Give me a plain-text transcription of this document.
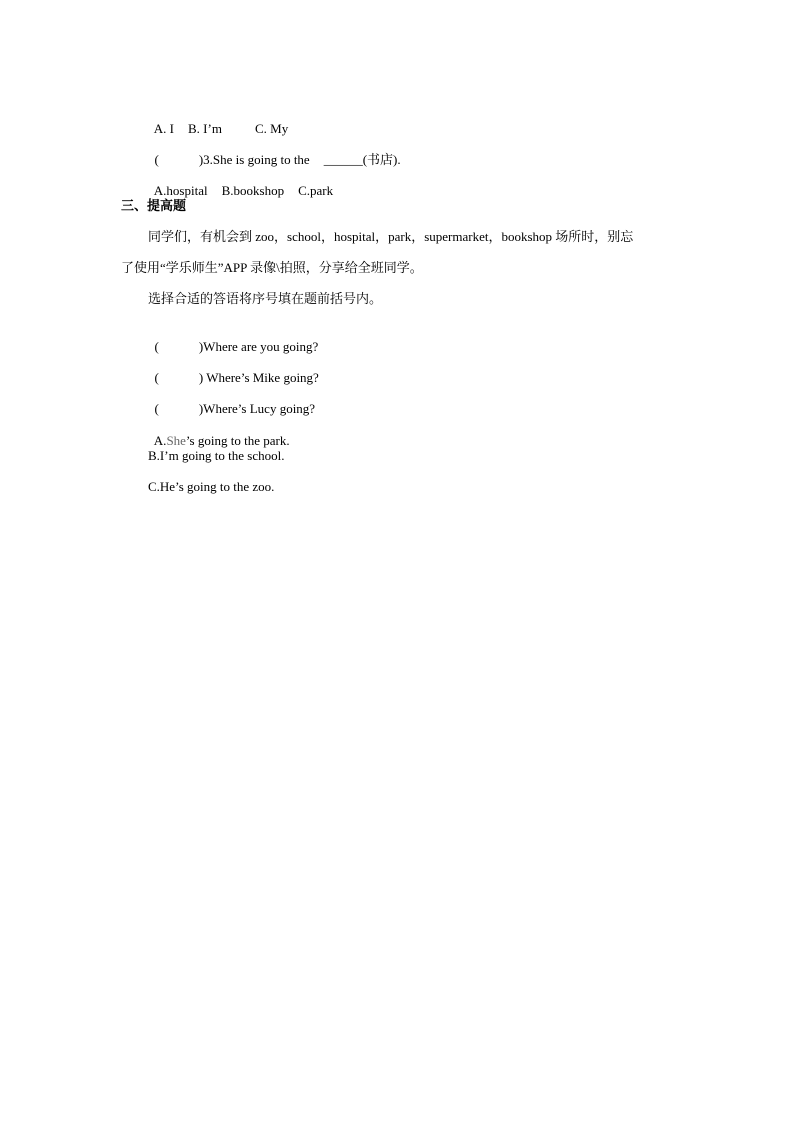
A. I B. I’m	C. My

(	)3.She is going to the ______(书店).

A.hospital B.bookshop C.park

三、提高题
同学们，有机会到 zoo，school，hospital，park，supermarket，bookshop 场所时，别忘
了使用“学乐师生”APP 录像\拍照，分享给全班同学。
选择合适的答语将序号填在题前括号内。

(	)Where are you going?

(	) Where’s Mike going?

(	)Where’s Lucy going?

A.She’s going to the park.

B.I’m going to the school.
C.He’s going to the zoo.
